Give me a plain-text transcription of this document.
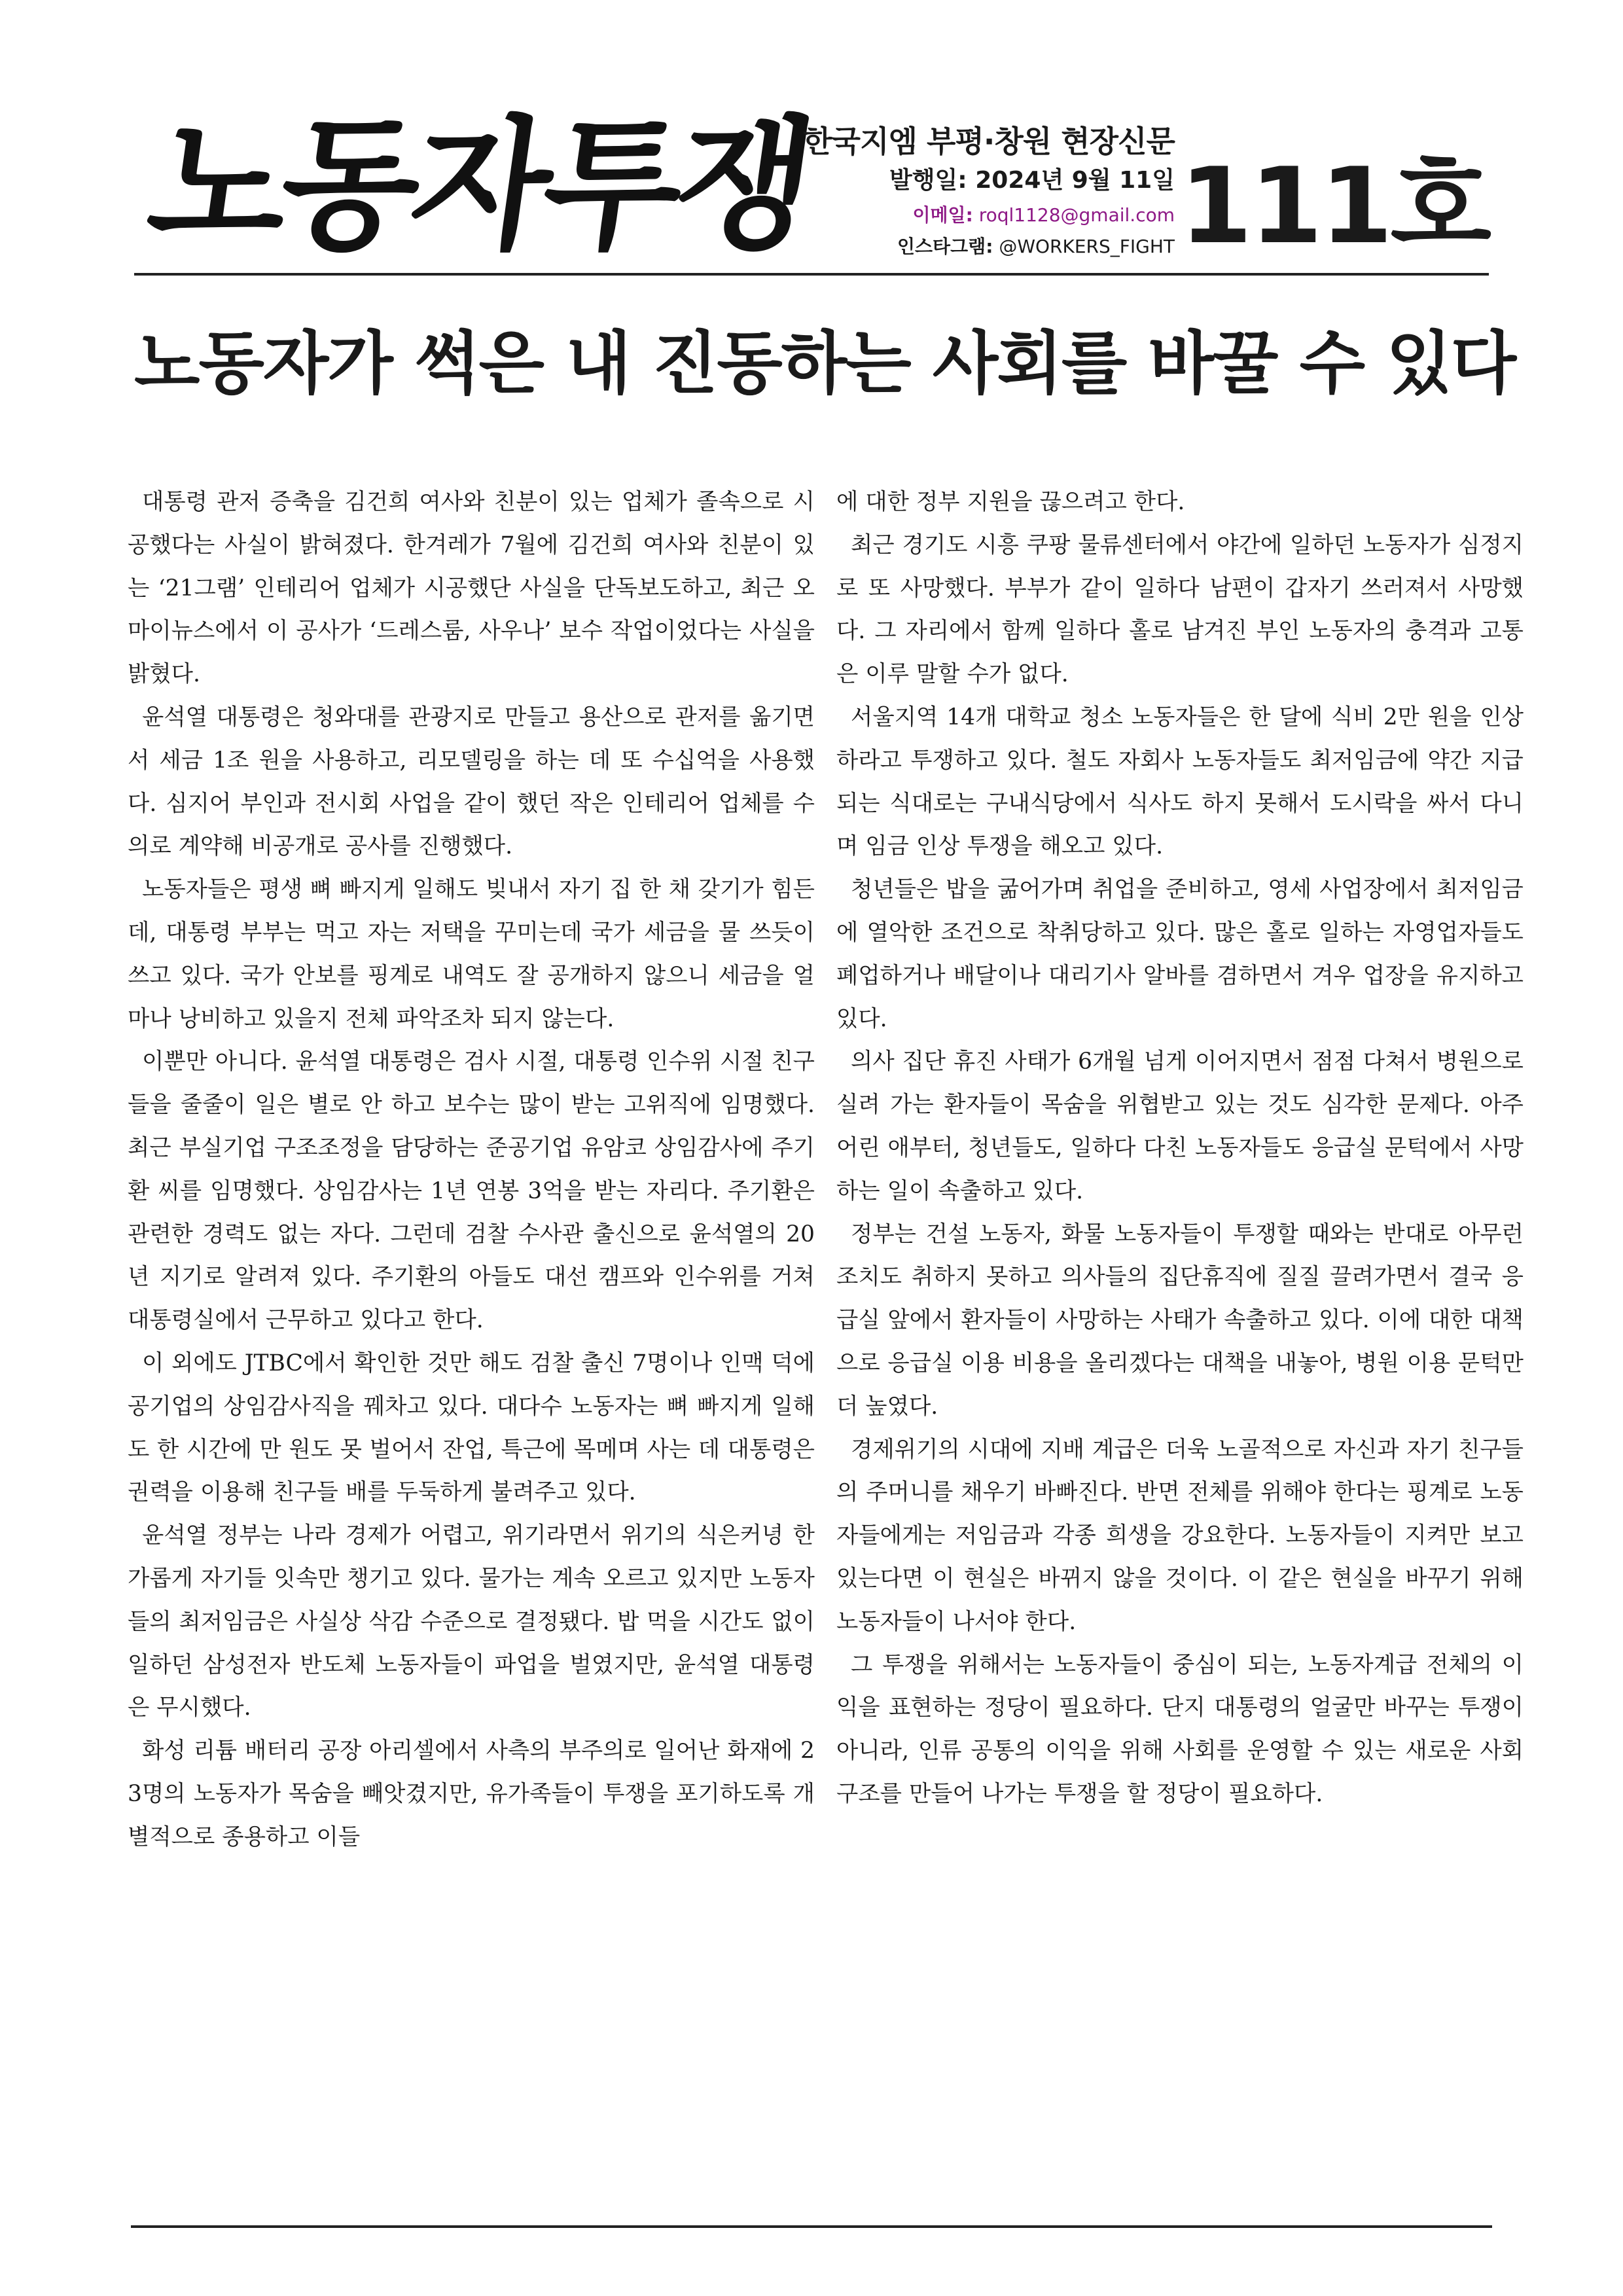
노동자투쟁
한국지엠 부평·창원 현장신문
발행일: 2024년 9월 11일
이메일: roql1128@gmail.com
인스타그램: @WORKERS_FIGHT 111호
노동자가 썩은 내 진동하는 사회를 바꿀 수 있다

대통령 관저 증축을 김건희 여사와 친분이 있는 업체가 졸속으로 시공했다는 사실이 밝혀졌다. 한겨레가 7월에 김건희 여사와 친분이 있는 ‘21그램’ 인테리어 업체가 시공했단 사실을 단독보도하고, 최근 오마이뉴스에서 이 공사가 ‘드레스룸, 사우나’ 보수 작업이었다는 사실을 밝혔다.

윤석열 대통령은 청와대를 관광지로 만들고 용산으로 관저를 옮기면서 세금 1조 원을 사용하고, 리모델링을 하는 데 또 수십억을 사용했다. 심지어 부인과 전시회 사업을 같이 했던 작은 인테리어 업체를 수의로 계약해 비공개로 공사를 진행했다.

노동자들은 평생 뼈 빠지게 일해도 빚내서 자기 집 한 채 갖기가 힘든데, 대통령 부부는 먹고 자는 저택을 꾸미는데 국가 세금을 물 쓰듯이 쓰고 있다. 국가 안보를 핑계로 내역도 잘 공개하지 않으니 세금을 얼마나 낭비하고 있을지 전체 파악조차 되지 않는다.

이뿐만 아니다. 윤석열 대통령은 검사 시절, 대통령 인수위 시절 친구들을 줄줄이 일은 별로 안 하고 보수는 많이 받는 고위직에 임명했다. 최근 부실기업 구조조정을 담당하는 준공기업 유암코 상임감사에 주기환 씨를 임명했다. 상임감사는 1년 연봉 3억을 받는 자리다. 주기환은 관련한 경력도 없는 자다. 그런데 검찰 수사관 출신으로 윤석열의 20년 지기로 알려져 있다. 주기환의 아들도 대선 캠프와 인수위를 거쳐 대통령실에서 근무하고 있다고 한다.

이 외에도 JTBC에서 확인한 것만 해도 검찰 출신 7명이나 인맥 덕에 공기업의 상임감사직을 꿰차고 있다. 대다수 노동자는 뼈 빠지게 일해도 한 시간에 만 원도 못 벌어서 잔업, 특근에 목메며 사는 데 대통령은 권력을 이용해 친구들 배를 두둑하게 불려주고 있다.

윤석열 정부는 나라 경제가 어렵고, 위기라면서 위기의 식은커녕 한가롭게 자기들 잇속만 챙기고 있다. 물가는 계속 오르고 있지만 노동자들의 최저임금은 사실상 삭감 수준으로 결정됐다. 밥 먹을 시간도 없이 일하던 삼성전자 반도체 노동자들이 파업을 벌였지만, 윤석열 대통령은 무시했다.

화성 리튬 배터리 공장 아리셀에서 사측의 부주의로 일어난 화재에 23명의 노동자가 목숨을 빼앗겼지만, 유가족들이 투쟁을 포기하도록 개별적으로 종용하고 이들

에 대한 정부 지원을 끊으려고 한다.

최근 경기도 시흥 쿠팡 물류센터에서 야간에 일하던 노동자가 심정지로 또 사망했다. 부부가 같이 일하다 남편이 갑자기 쓰러져서 사망했다. 그 자리에서 함께 일하다 홀로 남겨진 부인 노동자의 충격과 고통은 이루 말할 수가 없다.

서울지역 14개 대학교 청소 노동자들은 한 달에 식비 2만 원을 인상하라고 투쟁하고 있다. 철도 자회사 노동자들도 최저임금에 약간 지급되는 식대로는 구내식당에서 식사도 하지 못해서 도시락을 싸서 다니며 임금 인상 투쟁을 해오고 있다.

청년들은 밥을 굶어가며 취업을 준비하고, 영세 사업장에서 최저임금에 열악한 조건으로 착취당하고 있다. 많은 홀로 일하는 자영업자들도 폐업하거나 배달이나 대리기사 알바를 겸하면서 겨우 업장을 유지하고 있다.

의사 집단 휴진 사태가 6개월 넘게 이어지면서 점점 다쳐서 병원으로 실려 가는 환자들이 목숨을 위협받고 있는 것도 심각한 문제다. 아주 어린 애부터, 청년들도, 일하다 다친 노동자들도 응급실 문턱에서 사망하는 일이 속출하고 있다.

정부는 건설 노동자, 화물 노동자들이 투쟁할 때와는 반대로 아무런 조치도 취하지 못하고 의사들의 집단휴직에 질질 끌려가면서 결국 응급실 앞에서 환자들이 사망하는 사태가 속출하고 있다. 이에 대한 대책으로 응급실 이용 비용을 올리겠다는 대책을 내놓아, 병원 이용 문턱만 더 높였다.

경제위기의 시대에 지배 계급은 더욱 노골적으로 자신과 자기 친구들의 주머니를 채우기 바빠진다. 반면 전체를 위해야 한다는 핑계로 노동자들에게는 저임금과 각종 희생을 강요한다. 노동자들이 지켜만 보고 있는다면 이 현실은 바뀌지 않을 것이다. 이 같은 현실을 바꾸기 위해 노동자들이 나서야 한다.

그 투쟁을 위해서는 노동자들이 중심이 되는, 노동자계급 전체의 이익을 표현하는 정당이 필요하다. 단지 대통령의 얼굴만 바꾸는 투쟁이 아니라, 인류 공통의 이익을 위해 사회를 운영할 수 있는 새로운 사회 구조를 만들어 나가는 투쟁을 할 정당이 필요하다.
